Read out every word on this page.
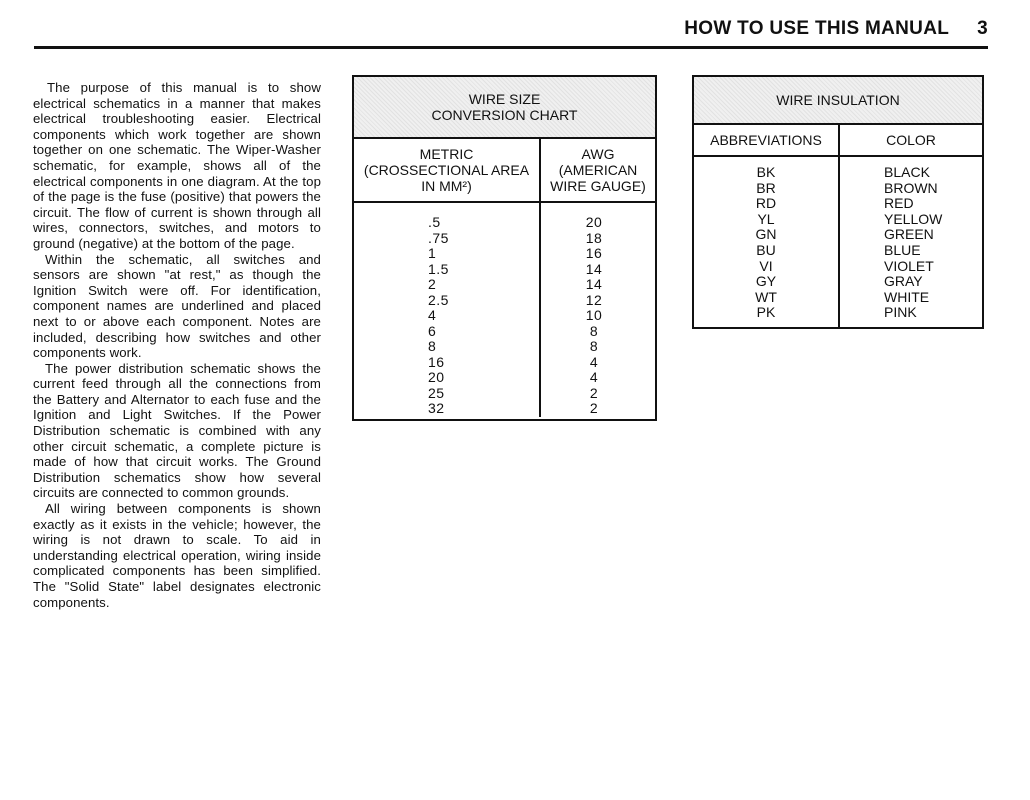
HOW TO USE THIS MANUAL 3

The purpose of this manual is to show electrical schematics in a manner that makes electrical troubleshooting easier. Electrical components which work together are shown together on one schematic. The Wiper-Washer schematic, for example, shows all of the electrical components in one diagram. At the top of the page is the fuse (positive) that powers the circuit. The flow of current is shown through all wires, connectors, switches, and motors to ground (negative) at the bottom of the page.

Within the schematic, all switches and sensors are shown "at rest," as though the Ignition Switch were off. For identification, component names are underlined and placed next to or above each component. Notes are included, describing how switches and other components work.

The power distribution schematic shows the current feed through all the connections from the Battery and Alternator to each fuse and the Ignition and Light Switches. If the Power Distribution schematic is combined with any other circuit schematic, a complete picture is made of how that circuit works. The Ground Distribution schematics show how several circuits are connected to common grounds.

All wiring between components is shown exactly as it exists in the vehicle; however, the wiring is not drawn to scale. To aid in understanding electrical operation, wiring inside complicated components has been simplified. The "Solid State" label designates electronic components.

WIRE SIZE
CONVERSION CHART
METRIC
(CROSSECTIONAL AREA
IN MM²)
AWG
(AMERICAN
WIRE GAUGE)
.5
.75
1
1.5
2
2.5
4
6
8
16
20
25
32
20
18
16
14
14
12
10
8
8
4
4
2
2
WIRE INSULATION
ABBREVIATIONS	COLOR
BK
BR
RD
YL
GN
BU
VI
GY
WT
PK
BLACK
BROWN
RED
YELLOW
GREEN
BLUE
VIOLET
GRAY
WHITE
PINK
